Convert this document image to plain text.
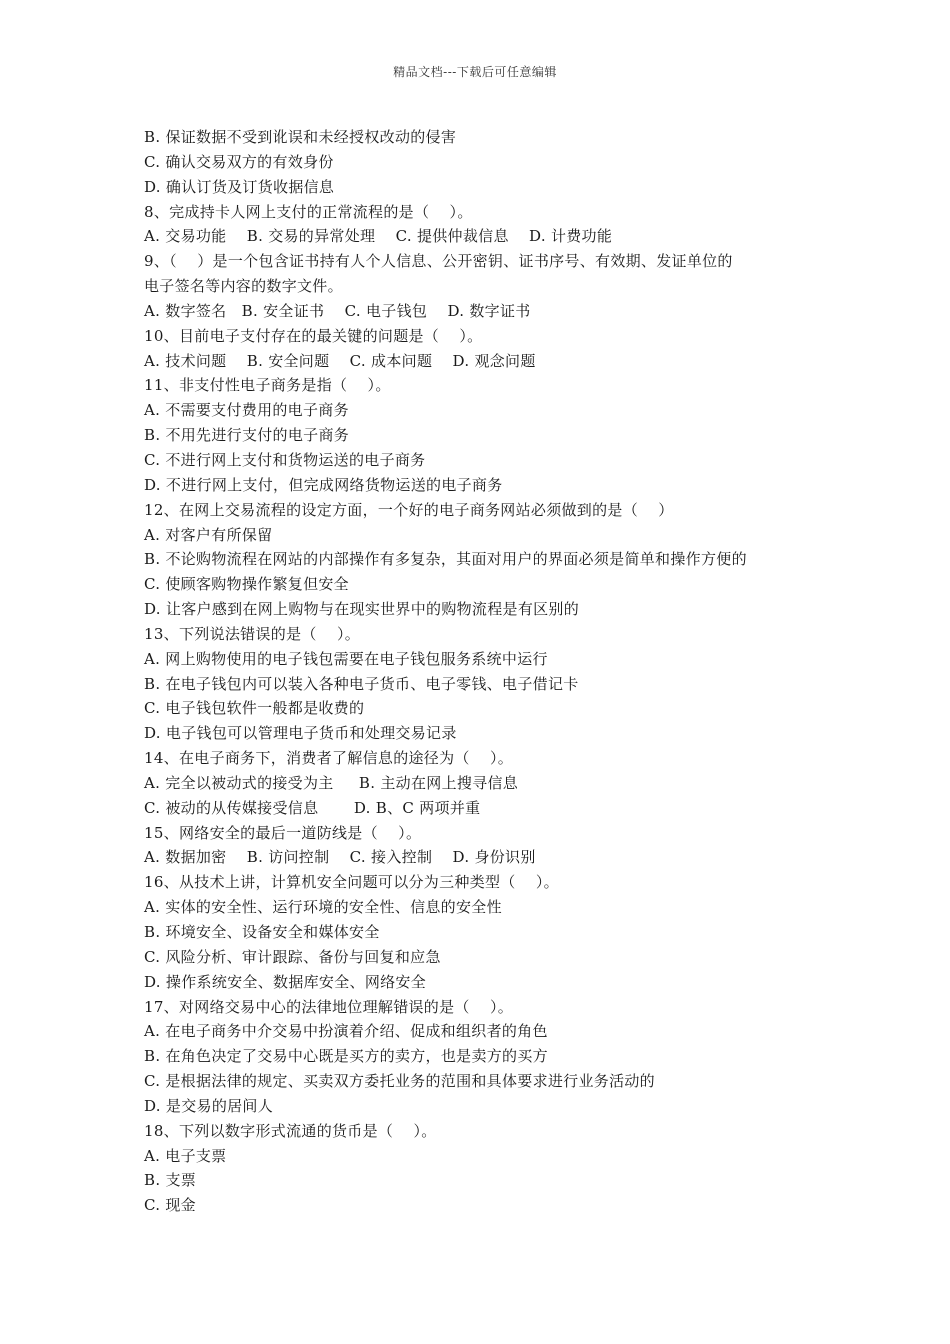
精品文档---下载后可任意编辑
B. 保证数据不受到讹误和未经授权改动的侵害
C. 确认交易双方的有效身份
D. 确认订货及订货收据信息
8、完成持卡人网上支付的正常流程的是（    ）。
A. 交易功能    B. 交易的异常处理    C. 提供仲裁信息    D. 计费功能
9、（    ）是一个包含证书持有人个人信息、公开密钥、证书序号、有效期、发证单位的
电子签名等内容的数字文件。
A. 数字签名   B. 安全证书    C. 电子钱包    D. 数字证书
10、目前电子支付存在的最关键的问题是（    ）。
A. 技术问题    B. 安全问题    C. 成本问题    D. 观念问题
11、非支付性电子商务是指（    ）。
A. 不需要支付费用的电子商务
B. 不用先进行支付的电子商务
C. 不进行网上支付和货物运送的电子商务
D. 不进行网上支付，但完成网络货物运送的电子商务
12、在网上交易流程的设定方面，一个好的电子商务网站必须做到的是（    ）
A. 对客户有所保留
B. 不论购物流程在网站的内部操作有多复杂，其面对用户的界面必须是简单和操作方便的
C. 使顾客购物操作繁复但安全
D. 让客户感到在网上购物与在现实世界中的购物流程是有区别的
13、下列说法错误的是（    ）。
A. 网上购物使用的电子钱包需要在电子钱包服务系统中运行
B. 在电子钱包内可以装入各种电子货币、电子零钱、电子借记卡
C. 电子钱包软件一般都是收费的
D. 电子钱包可以管理电子货币和处理交易记录
14、在电子商务下，消费者了解信息的途径为（    ）。
A. 完全以被动式的接受为主     B. 主动在网上搜寻信息
C. 被动的从传媒接受信息       D. B、C 两项并重
15、网络安全的最后一道防线是（    ）。
A. 数据加密    B. 访问控制    C. 接入控制    D. 身份识别
16、从技术上讲，计算机安全问题可以分为三种类型（    ）。
A. 实体的安全性、运行环境的安全性、信息的安全性
B. 环境安全、设备安全和媒体安全
C. 风险分析、审计跟踪、备份与回复和应急
D. 操作系统安全、数据库安全、网络安全
17、对网络交易中心的法律地位理解错误的是（    ）。
A. 在电子商务中介交易中扮演着介绍、促成和组织者的角色
B. 在角色决定了交易中心既是买方的卖方，也是卖方的买方
C. 是根据法律的规定、买卖双方委托业务的范围和具体要求进行业务活动的
D. 是交易的居间人
18、下列以数字形式流通的货币是（    ）。
A. 电子支票
B. 支票
C. 现金
